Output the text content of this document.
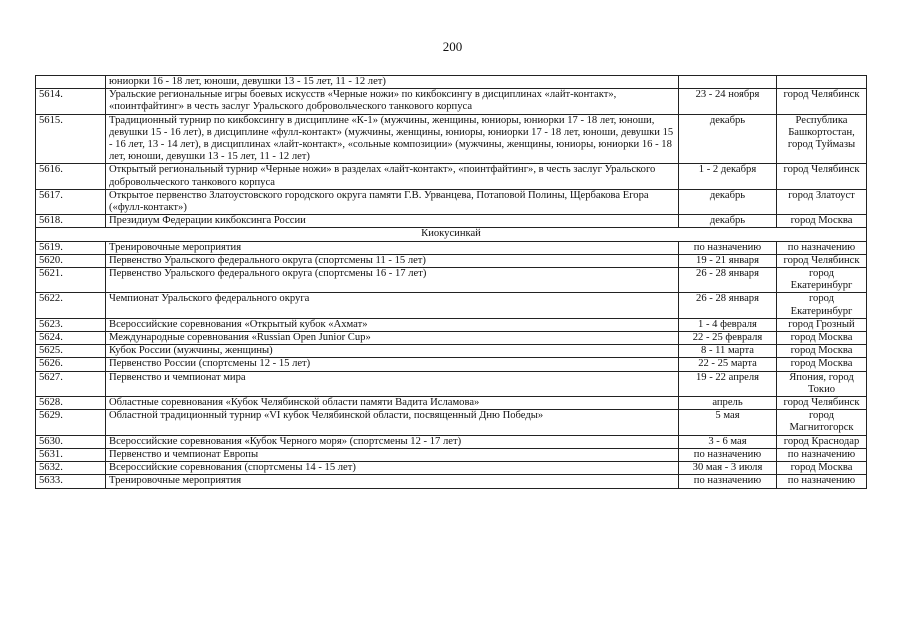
200
	юниорки 16 - 18 лет, юноши, девушки 13 - 15 лет, 11 - 12 лет)		
5614.	Уральские региональные игры боевых искусств «Черные ножи» по кикбоксингу в дисциплинах «лайт-контакт», «поинтфайтинг» в честь заслуг Уральского добровольческого танкового корпуса	23 - 24 ноября	город Челябинск
5615.	Традиционный турнир по кикбоксингу в дисциплине «К-1» (мужчины, женщины, юниоры, юниорки 17 - 18 лет, юноши, девушки 15 - 16 лет), в дисциплине «фулл-контакт» (мужчины, женщины, юниоры, юниорки 17 - 18 лет, юноши, девушки 15 - 16 лет, 13 - 14 лет), в дисциплинах «лайт-контакт», «сольные композиции» (мужчины, женщины, юниоры, юниорки 16 - 18 лет, юноши, девушки 13 - 15 лет, 11 - 12 лет)	декабрь	Республика Башкортостан, город Туймазы
5616.	Открытый региональный турнир «Черные ножи» в разделах «лайт-контакт», «поинтфайтинг», в честь заслуг Уральского добровольческого танкового корпуса	1 - 2 декабря	город Челябинск
5617.	Открытое первенство Златоустовского городского округа памяти Г.В. Урванцева, Потаповой Полины, Щербакова Егора («фулл-контакт»)	декабрь	город Златоуст
5618.	Президиум Федерации кикбоксинга России	декабрь	город Москва
Киокусинкай			
5619.	Тренировочные мероприятия	по назначению	по назначению
5620.	Первенство Уральского федерального округа (спортсмены 11 - 15 лет)	19 - 21 января	город Челябинск
5621.	Первенство Уральского федерального округа (спортсмены 16 - 17 лет)	26 - 28 января	город Екатеринбург
5622.	Чемпионат Уральского федерального округа	26 - 28 января	город Екатеринбург
5623.	Всероссийские соревнования «Открытый кубок «Ахмат»	1 - 4 февраля	город Грозный
5624.	Международные соревнования «Russian Open Junior Cup»	22 - 25 февраля	город Москва
5625.	Кубок России (мужчины, женщины)	8 - 11 марта	город Москва
5626.	Первенство России (спортсмены 12 - 15 лет)	22 - 25 марта	город Москва
5627.	Первенство и чемпионат мира	19 - 22 апреля	Япония, город Токио
5628.	Областные соревнования «Кубок Челябинской области памяти Вадита Исламова»	апрель	город Челябинск
5629.	Областной традиционный турнир «VI кубок Челябинской области, посвященный Дню Победы»	5 мая	город Магнитогорск
5630.	Всероссийские соревнования «Кубок Черного моря» (спортсмены 12 - 17 лет)	3 - 6 мая	город Краснодар
5631.	Первенство и чемпионат Европы	по назначению	по назначению
5632.	Всероссийские соревнования (спортсмены 14 - 15 лет)	30 мая - 3 июля	город Москва
5633.	Тренировочные мероприятия	по назначению	по назначению
